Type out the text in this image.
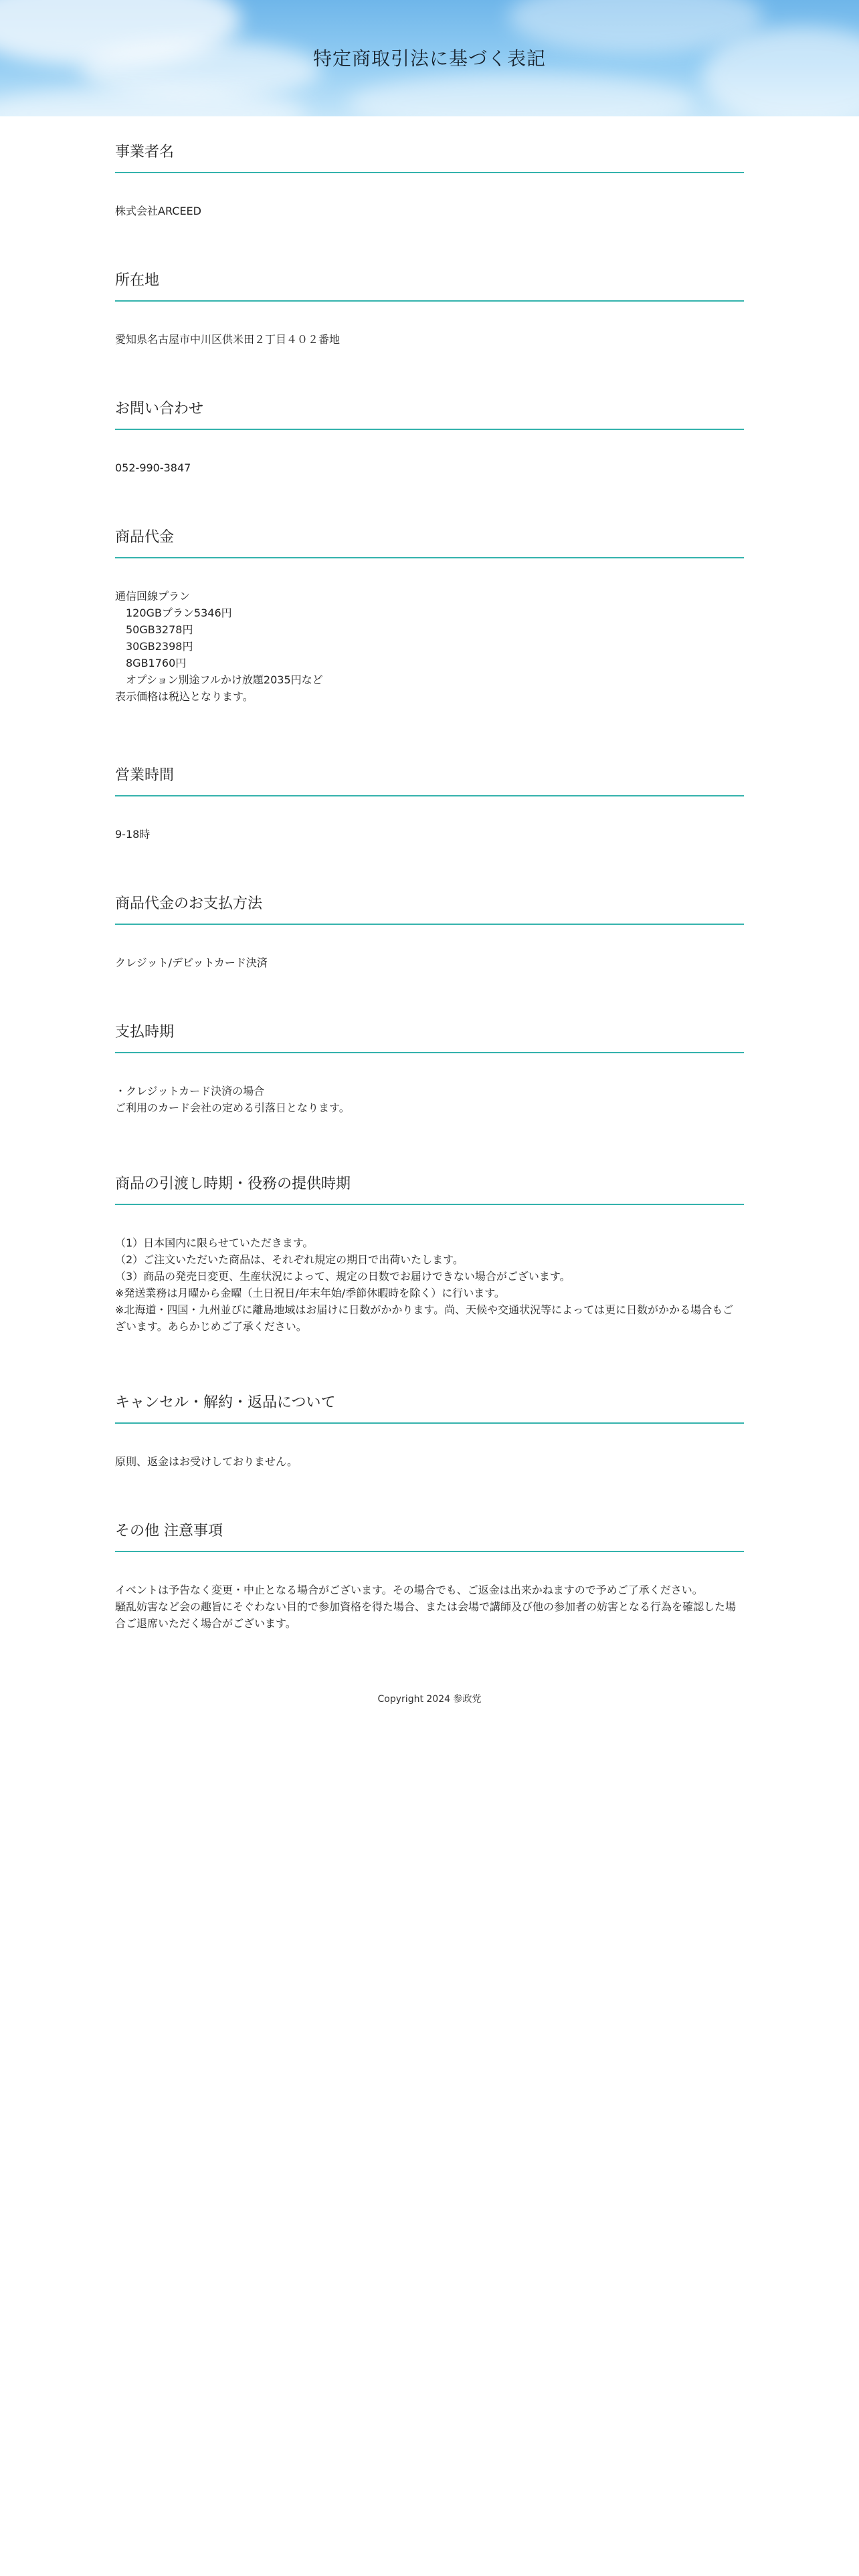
特定商取引法に基づく表記
事業者名
株式会社ARCEED
所在地
愛知県名古屋市中川区供米田２丁目４０２番地
お問い合わせ
052-990-3847
商品代金
通信回線プラン
120GBプラン5346円
50GB3278円
30GB2398円
8GB1760円
オプション別途フルかけ放題2035円など
表示価格は税込となります。
営業時間
9-18時
商品代金のお支払方法
クレジット/デビットカード決済
支払時期
・クレジットカード決済の場合
ご利用のカード会社の定める引落日となります。
商品の引渡し時期・役務の提供時期
（1）日本国内に限らせていただきます。
（2）ご注文いただいた商品は、それぞれ規定の期日で出荷いたします。
（3）商品の発売日変更、生産状況によって、規定の日数でお届けできない場合がございます。
※発送業務は月曜から金曜（土日祝日/年末年始/季節休暇時を除く）に行います。
※北海道・四国・九州並びに離島地域はお届けに日数がかかります。尚、天候や交通状況等によっては更に日数がかかる場合もございます。あらかじめご了承ください。
キャンセル・解約・返品について
原則、返金はお受けしておりません。
その他 注意事項
イベントは予告なく変更・中止となる場合がございます。その場合でも、ご返金は出来かねますので予めご了承ください。
騒乱妨害など会の趣旨にそぐわない目的で参加資格を得た場合、または会場で講師及び他の参加者の妨害となる行為を確認した場合ご退席いただく場合がございます。
Copyright 2024 参政党
